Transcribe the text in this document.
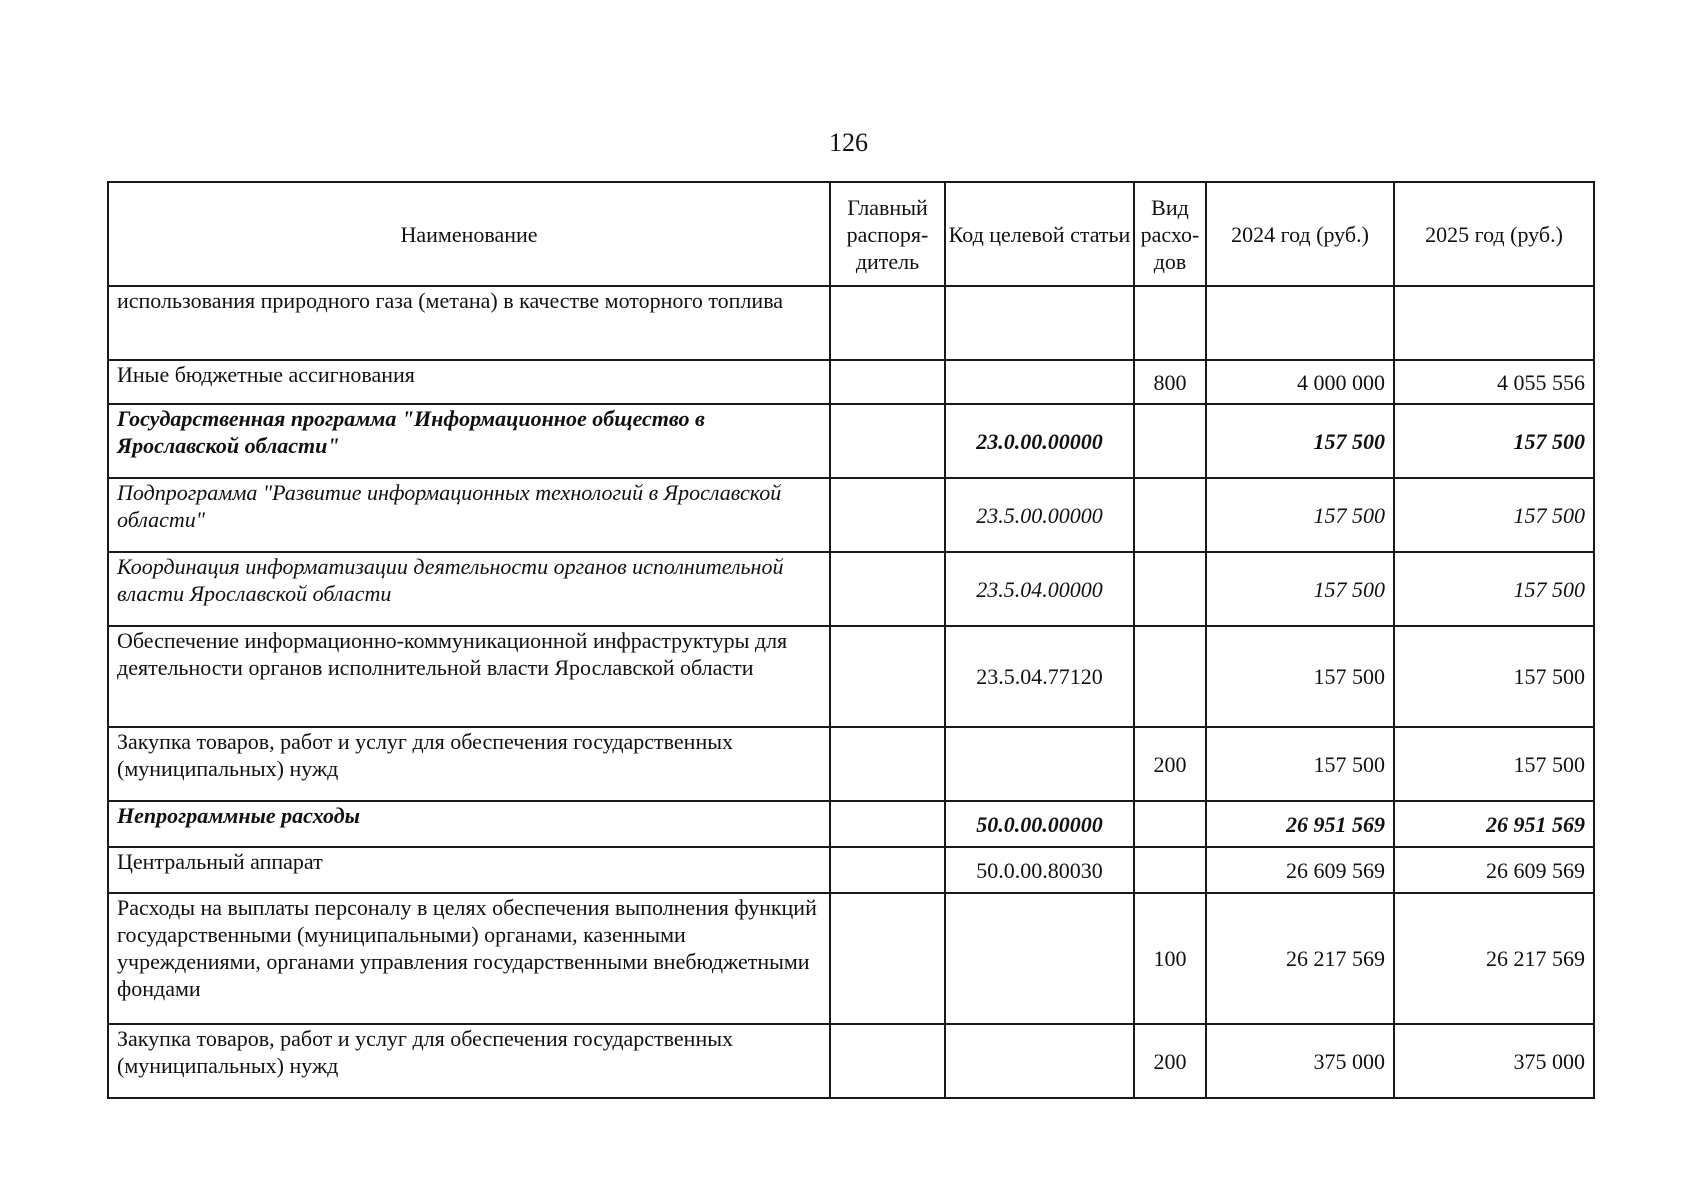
126
Наименование	Главный распоря-дитель	Код целевой статьи	Вид расхо-дов	2024 год (руб.)	2025 год (руб.)
использования природного газа (метана) в качестве моторного топлива					
Иные бюджетные ассигнования			800	4 000 000	4 055 556
Государственная программа "Информационное общество в Ярославской области"		23.0.00.00000		157 500	157 500
Подпрограмма "Развитие информационных технологий в Ярославской области"		23.5.00.00000		157 500	157 500
Координация информатизации деятельности органов исполнительной власти Ярославской области		23.5.04.00000		157 500	157 500
Обеспечение информационно-коммуникационной инфраструктуры для деятельности органов исполнительной власти Ярославской области		23.5.04.77120		157 500	157 500
Закупка товаров, работ и услуг для обеспечения государственных (муниципальных) нужд			200	157 500	157 500
Непрограммные расходы		50.0.00.00000		26 951 569	26 951 569
Центральный аппарат		50.0.00.80030		26 609 569	26 609 569
Расходы на выплаты персоналу в целях обеспечения выполнения функций государственными (муниципальными) органами, казенными учреждениями, органами управления государственными внебюджетными фондами			100	26 217 569	26 217 569
Закупка товаров, работ и услуг для обеспечения государственных (муниципальных) нужд			200	375 000	375 000
